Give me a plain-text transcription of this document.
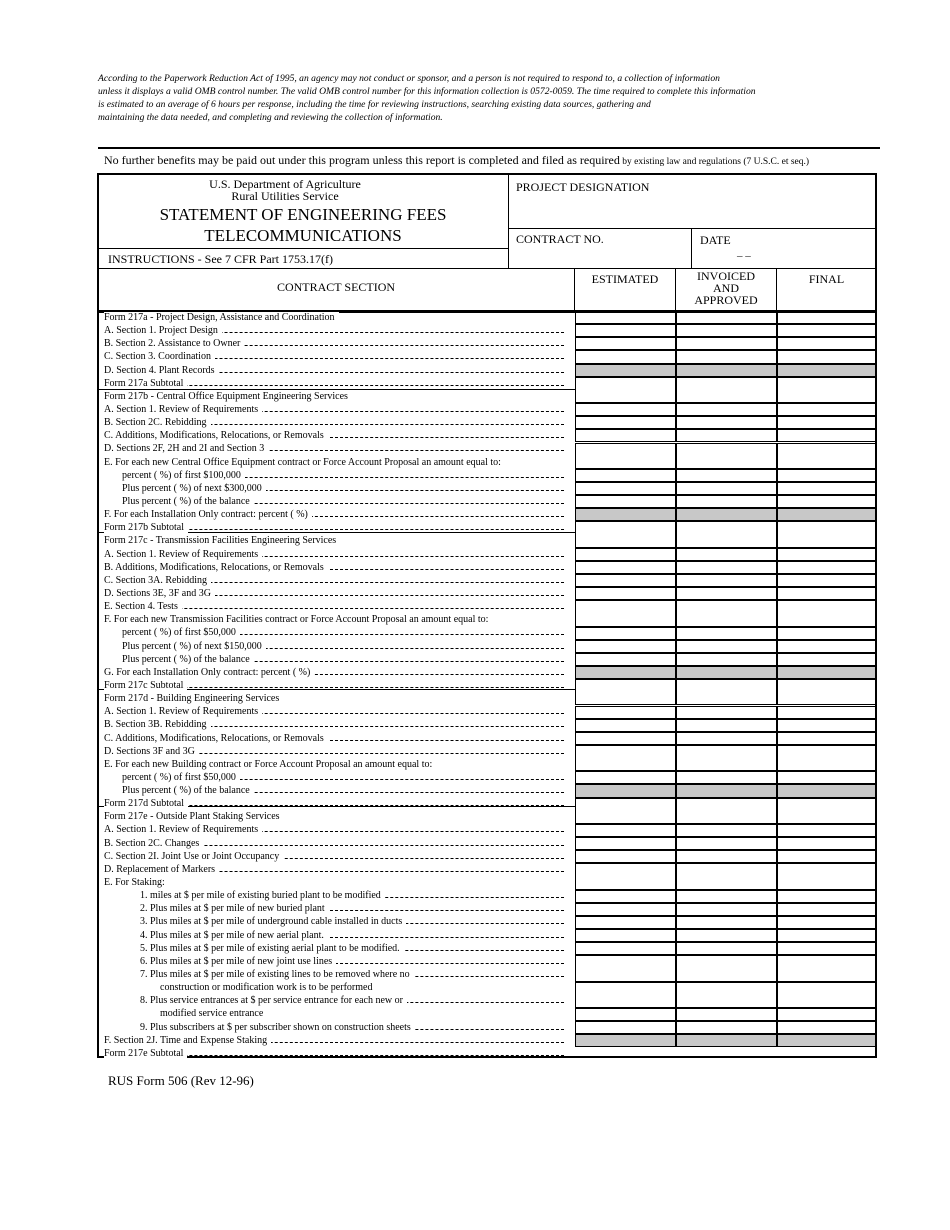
According to the Paperwork Reduction Act of 1995, an agency may not conduct or sponsor, and a person is not required to respond to, a collection of information
unless it displays a valid OMB control number. The valid OMB control number for this information collection is 0572-0059. The time required to complete this information
is estimated to an average of 6 hours per response, including the time for reviewing instructions, searching existing data sources, gathering and
maintaining the data needed, and completing and reviewing the collection of information.
No further benefits may be paid out under this program unless this report is completed and filed as required by existing law and regulations (7 U.S.C. et seq.)
U.S. Department of Agriculture
Rural Utilities Service
STATEMENT OF ENGINEERING FEES
TELECOMMUNICATIONS
INSTRUCTIONS - See 7 CFR Part 1753.17(f)
PROJECT DESIGNATION
CONTRACT NO.	DATE
– –
CONTRACT SECTION
ESTIMATED	INVOICED
AND
APPROVED
FINAL
Form 217a - Project Design, Assistance and Coordination
A. Section 1. Project Design
B. Section 2. Assistance to Owner
C. Section 3. Coordination
D. Section 4. Plant Records
Form 217a Subtotal
Form 217b - Central Office Equipment Engineering Services
A. Section 1. Review of Requirements
B. Section 2C. Rebidding
C. Additions, Modifications, Relocations, or Removals
D. Sections 2F, 2H and 2I and Section 3
E. For each new Central Office Equipment contract or Force Account Proposal an amount equal to:
percent ( %) of first $100,000
Plus percent ( %) of next $300,000
Plus percent ( %) of the balance
F. For each Installation Only contract: percent ( %)
Form 217b Subtotal
Form 217c - Transmission Facilities Engineering Services
A. Section 1. Review of Requirements
B. Additions, Modifications, Relocations, or Removals
C. Section 3A. Rebidding
D. Sections 3E, 3F and 3G
E. Section 4. Tests
F. For each new Transmission Facilities contract or Force Account Proposal an amount equal to:
percent ( %) of first $50,000
Plus percent ( %) of next $150,000
Plus percent ( %) of the balance
G. For each Installation Only contract: percent ( %)
Form 217c Subtotal
Form 217d - Building Engineering Services
A. Section 1. Review of Requirements
B. Section 3B. Rebidding
C. Additions, Modifications, Relocations, or Removals
D. Sections 3F and 3G
E. For each new Building contract or Force Account Proposal an amount equal to:
percent ( %) of first $50,000
Plus percent ( %) of the balance
Form 217d Subtotal
Form 217e - Outside Plant Staking Services
A. Section 1. Review of Requirements
B. Section 2C. Changes
C. Section 2I. Joint Use or Joint Occupancy
D. Replacement of Markers
E. For Staking:
1. miles at $ per mile of existing buried plant to be modified
2. Plus miles at $ per mile of new buried plant
3. Plus miles at $ per mile of underground cable installed in ducts
4. Plus miles at $ per mile of new aerial plant.
5. Plus miles at $ per mile of existing aerial plant to be modified.
6. Plus miles at $ per mile of new joint use lines
7. Plus miles at $ per mile of existing lines to be removed where no
construction or modification work is to be performed
8. Plus service entrances at $ per service entrance for each new or
modified service entrance
9. Plus subscribers at $ per subscriber shown on construction sheets
F. Section 2J. Time and Expense Staking
Form 217e Subtotal
RUS Form 506 (Rev 12-96)
